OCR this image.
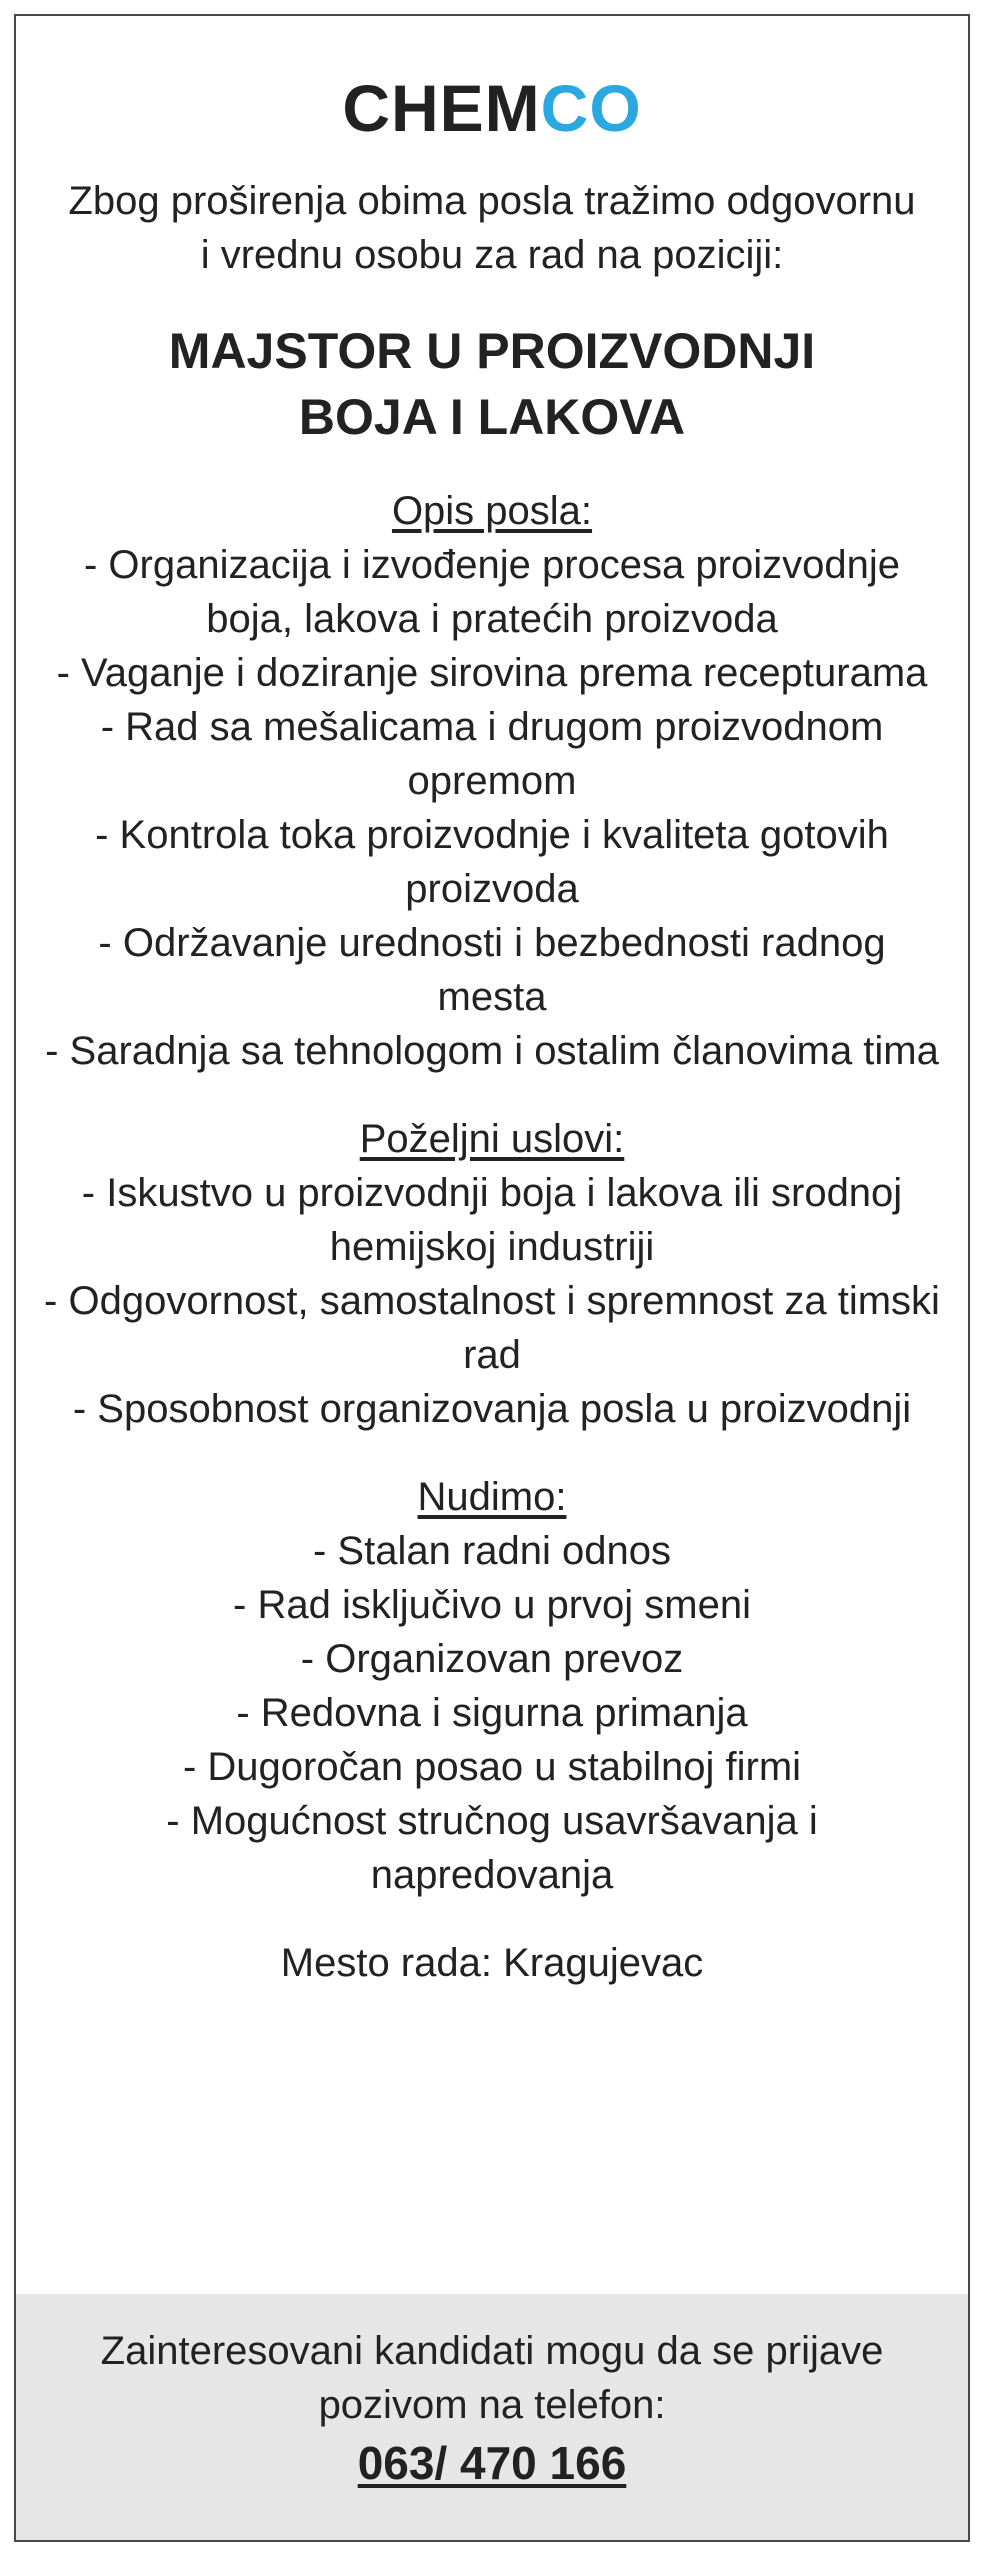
CHEMCO
Zbog proširenja obima posla tražimo odgovornu i vrednu osobu za rad na poziciji:
MAJSTOR U PROIZVODNJI
BOJA I LAKOVA
Opis posla:
- Organizacija i izvođenje procesa proizvodnje boja, lakova i pratećih proizvoda
- Vaganje i doziranje sirovina prema recepturama
- Rad sa mešalicama i drugom proizvodnom opremom
- Kontrola toka proizvodnje i kvaliteta gotovih proizvoda
- Održavanje urednosti i bezbednosti radnog mesta
- Saradnja sa tehnologom i ostalim članovima tima
Poželjni uslovi:
- Iskustvo u proizvodnji boja i lakova ili srodnoj hemijskoj industriji
- Odgovornost, samostalnost i spremnost za timski rad
- Sposobnost organizovanja posla u proizvodnji
Nudimo:
- Stalan radni odnos
- Rad isključivo u prvoj smeni
- Organizovan prevoz
- Redovna i sigurna primanja
- Dugoročan posao u stabilnoj firmi
- Mogućnost stručnog usavršavanja i napredovanja
Mesto rada: Kragujevac
Zainteresovani kandidati mogu da se prijave pozivom na telefon:
063/ 470 166
